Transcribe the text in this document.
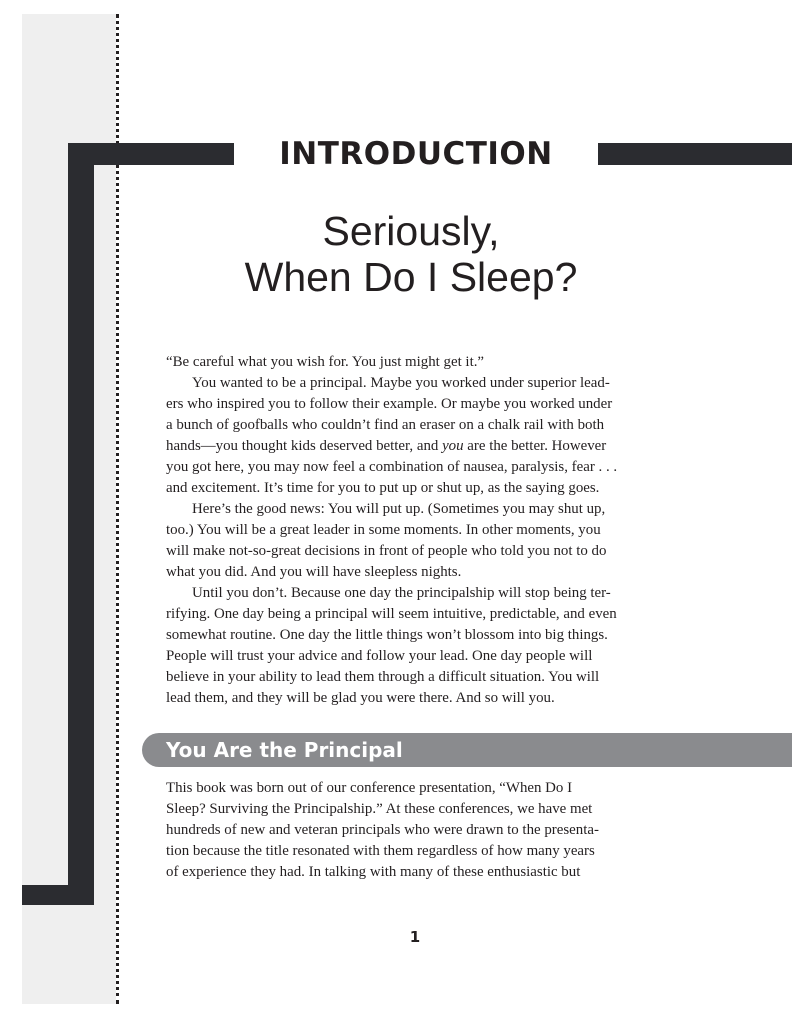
INTRODUCTION
Seriously,
When Do I Sleep?
“Be careful what you wish for. You just might get it.”
You wanted to be a principal. Maybe you worked under superior lead-
ers who inspired you to follow their example. Or maybe you worked under
a bunch of goofballs who couldn’t find an eraser on a chalk rail with both
hands—you thought kids deserved better, and you are the better. However
you got here, you may now feel a combination of nausea, paralysis, fear . . .
and excitement. It’s time for you to put up or shut up, as the saying goes.
Here’s the good news: You will put up. (Sometimes you may shut up,
too.) You will be a great leader in some moments. In other moments, you
will make not-so-great decisions in front of people who told you not to do
what you did. And you will have sleepless nights.
Until you don’t. Because one day the principalship will stop being ter-
rifying. One day being a principal will seem intuitive, predictable, and even
somewhat routine. One day the little things won’t blossom into big things.
People will trust your advice and follow your lead. One day people will
believe in your ability to lead them through a difficult situation. You will
lead them, and they will be glad you were there. And so will you.
You Are the Principal
This book was born out of our conference presentation, “When Do I
Sleep? Surviving the Principalship.” At these conferences, we have met
hundreds of new and veteran principals who were drawn to the presenta-
tion because the title resonated with them regardless of how many years
of experience they had. In talking with many of these enthusiastic but
1
